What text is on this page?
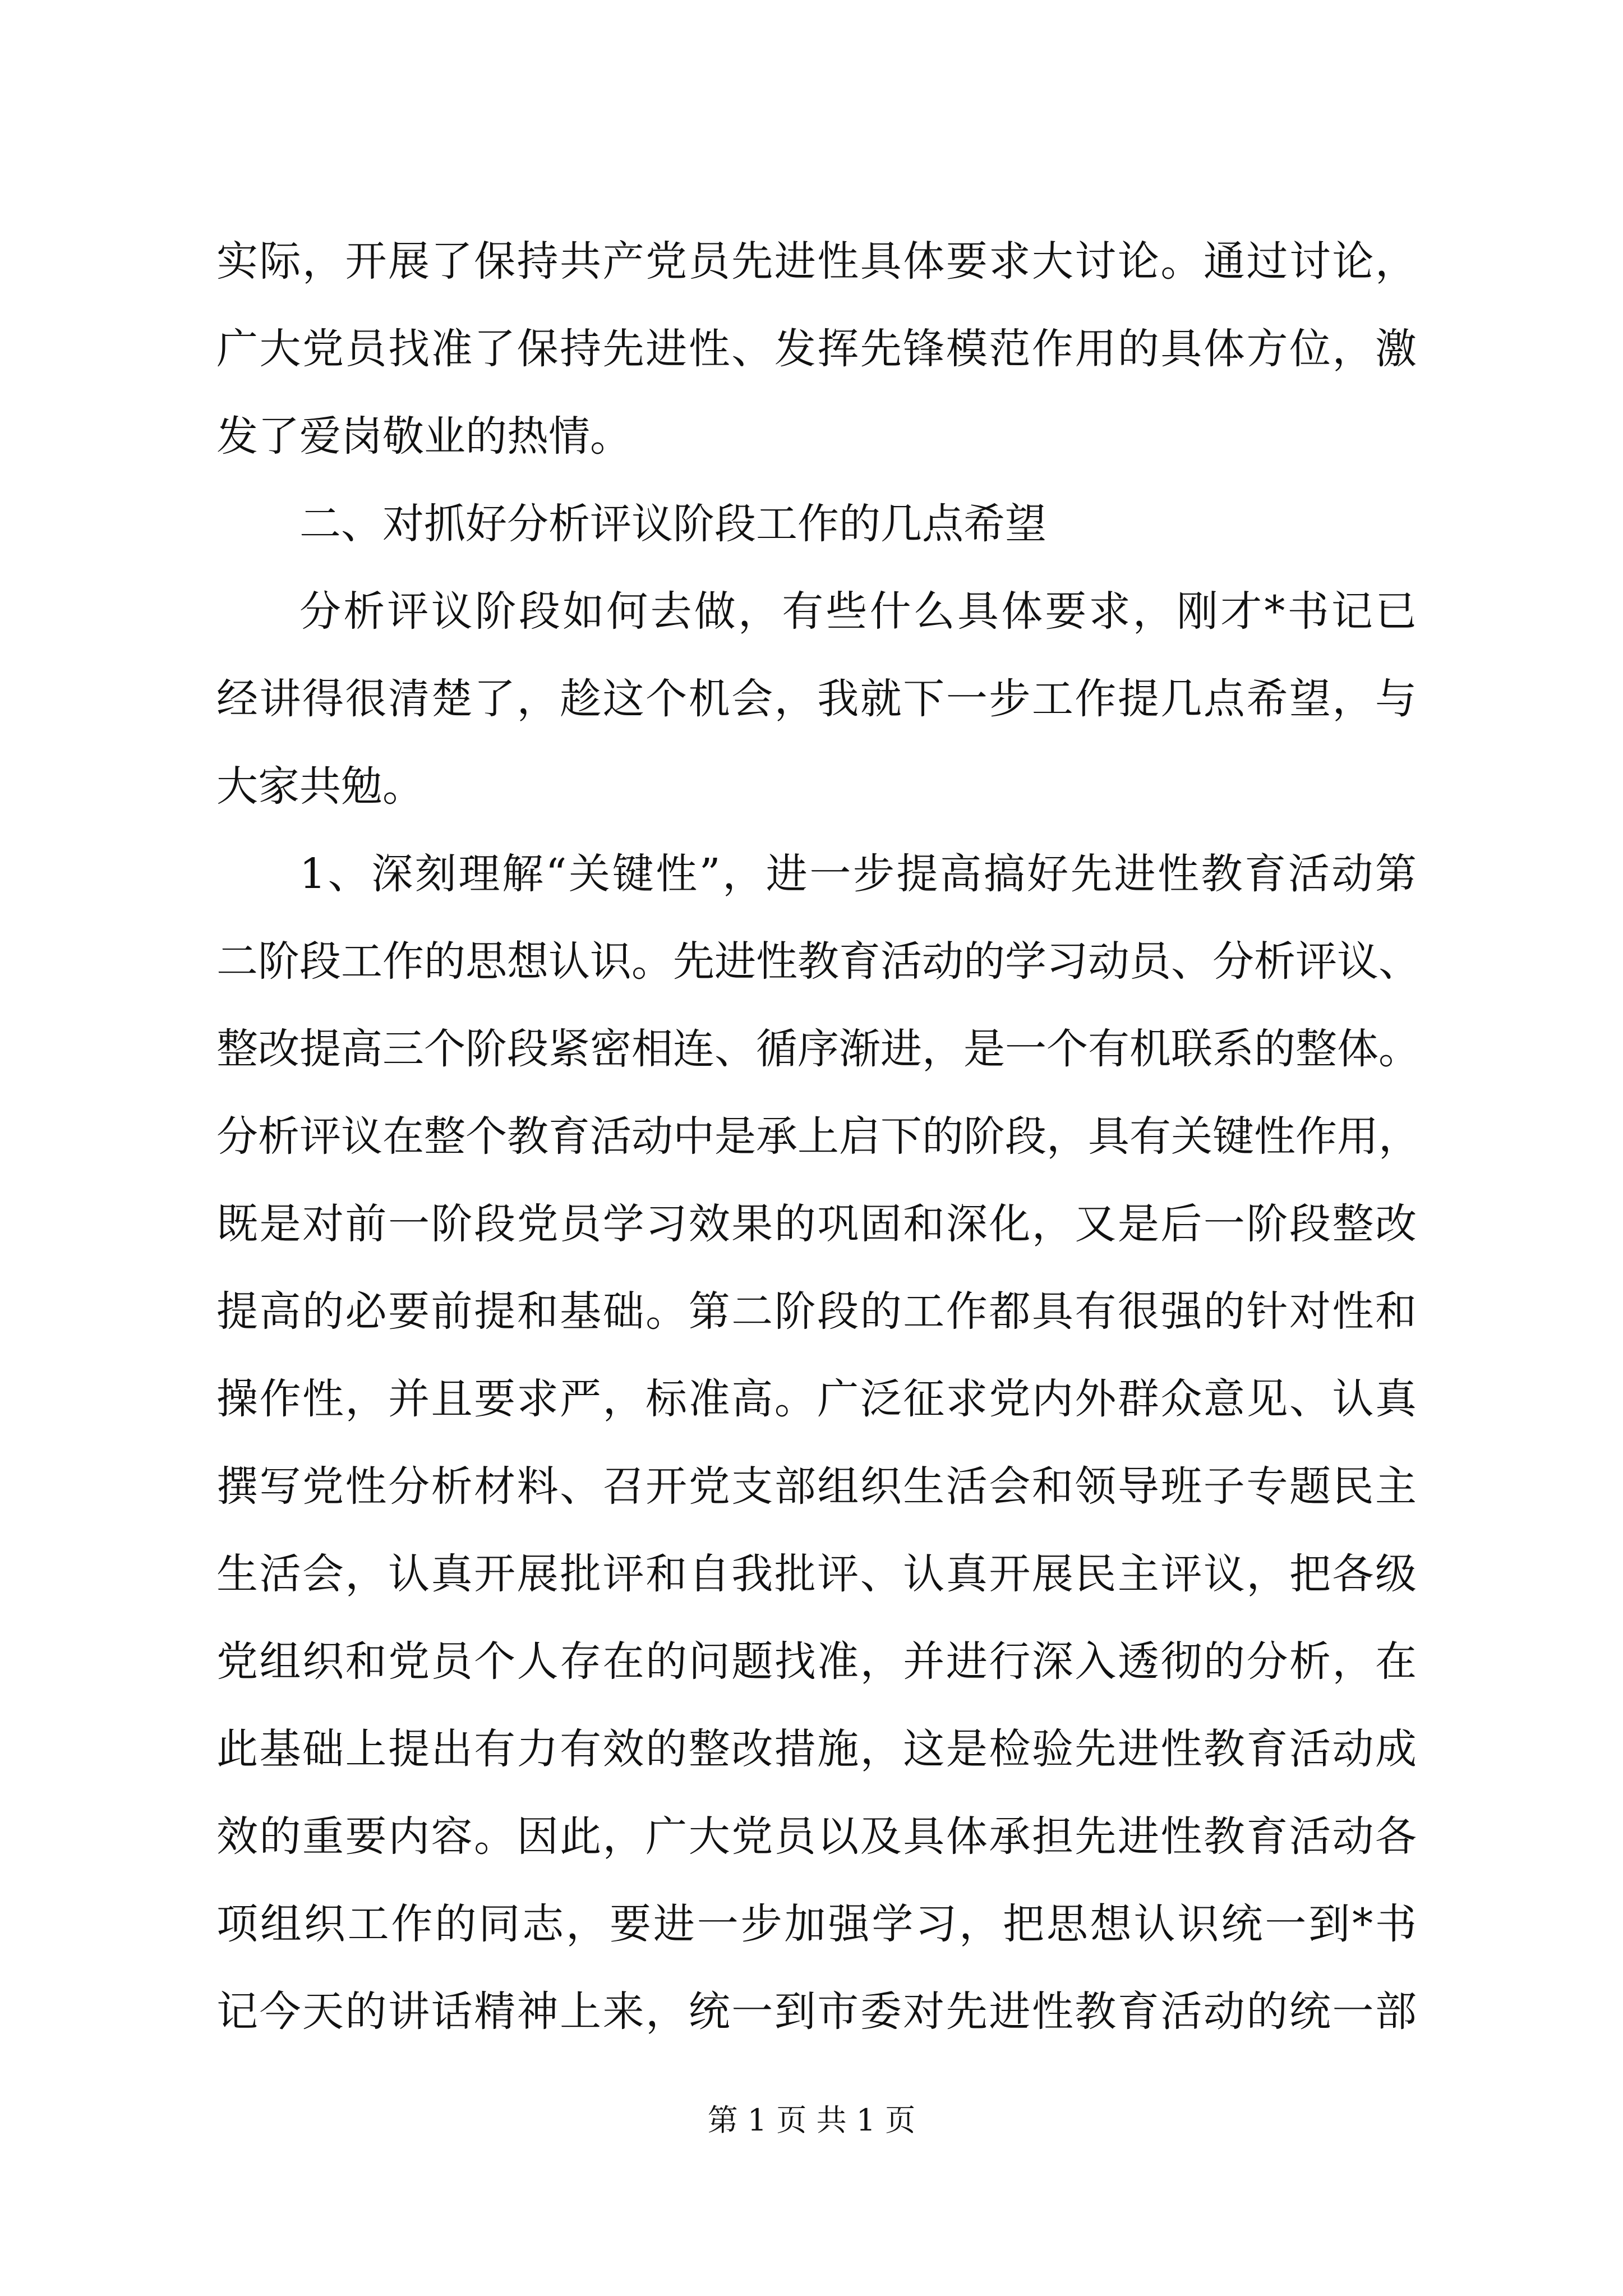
实际，开展了保持共产党员先进性具体要求大讨论。通过讨论，
广大党员找准了保持先进性、发挥先锋模范作用的具体方位，激
发了爱岗敬业的热情。
二、对抓好分析评议阶段工作的几点希望
分析评议阶段如何去做，有些什么具体要求，刚才*书记已
经讲得很清楚了，趁这个机会，我就下一步工作提几点希望，与
大家共勉。
1、深刻理解“关键性”，进一步提高搞好先进性教育活动第
二阶段工作的思想认识。先进性教育活动的学习动员、分析评议、
整改提高三个阶段紧密相连、循序渐进，是一个有机联系的整体。
分析评议在整个教育活动中是承上启下的阶段，具有关键性作用，
既是对前一阶段党员学习效果的巩固和深化，又是后一阶段整改
提高的必要前提和基础。第二阶段的工作都具有很强的针对性和
操作性，并且要求严，标准高。广泛征求党内外群众意见、认真
撰写党性分析材料、召开党支部组织生活会和领导班子专题民主
生活会，认真开展批评和自我批评、认真开展民主评议，把各级
党组织和党员个人存在的问题找准，并进行深入透彻的分析，在
此基础上提出有力有效的整改措施，这是检验先进性教育活动成
效的重要内容。因此，广大党员以及具体承担先进性教育活动各
项组织工作的同志，要进一步加强学习，把思想认识统一到*书
记今天的讲话精神上来，统一到市委对先进性教育活动的统一部
第 1 页 共 1 页
